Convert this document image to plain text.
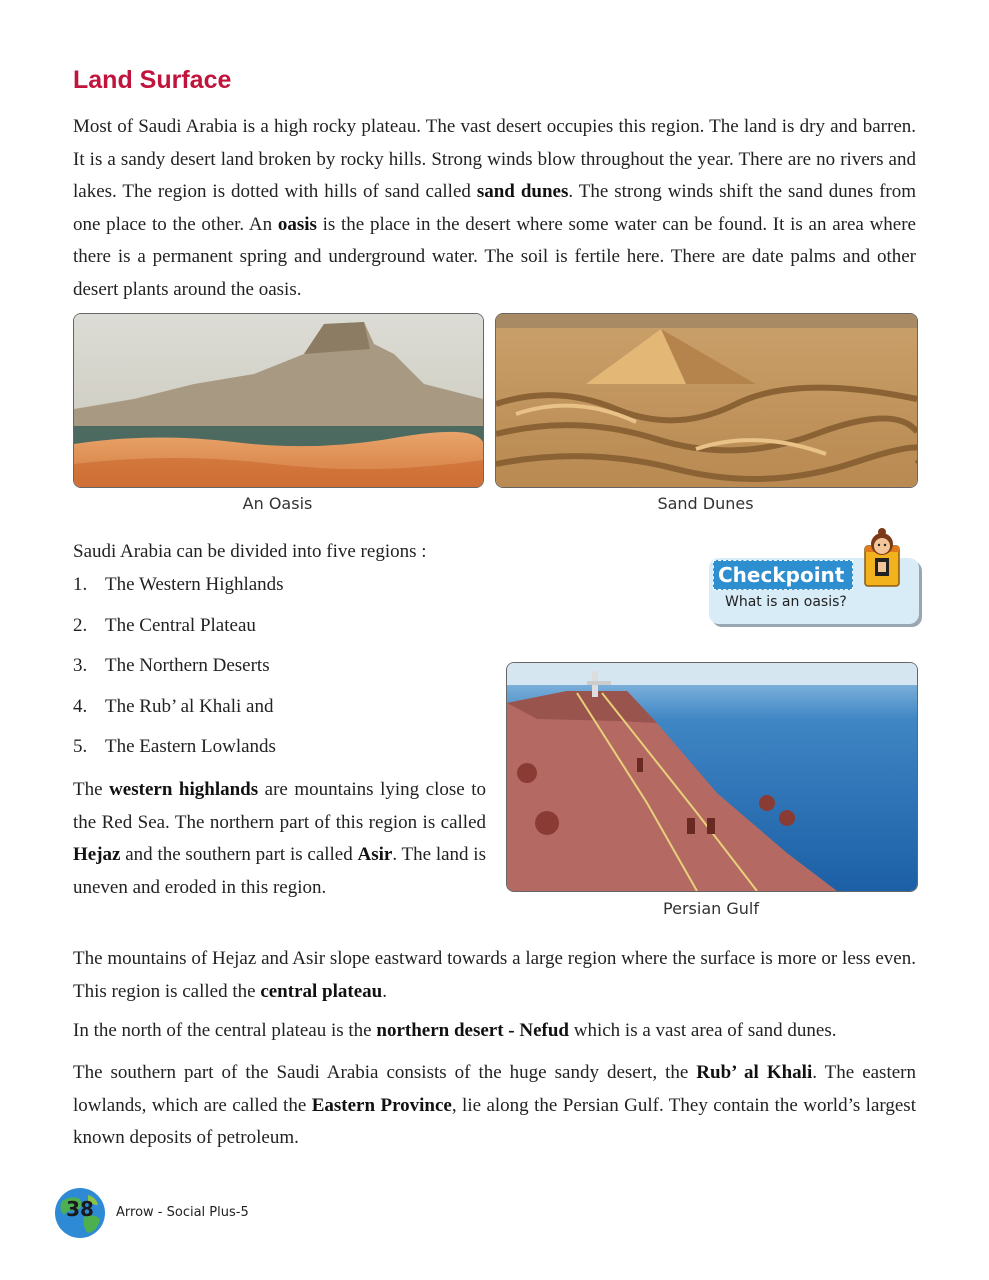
Land Surface

Most of Saudi Arabia is a high rocky plateau. The vast desert occupies this region. The land is dry and barren. It is a sandy desert land broken by rocky hills. Strong winds blow throughout the year. There are no rivers and lakes. The region is dotted with hills of sand called sand dunes. The strong winds shift the sand dunes from one place to the other. An oasis is the place in the desert where some water can be found. It is an area where there is a permanent spring and underground water. The soil is fertile here. There are date palms and other desert plants around the oasis.

An Oasis	Sand Dunes

Saudi Arabia can be divided into five regions :

1. The Western Highlands
2. The Central Plateau
3. The Northern Deserts
4. The Rub’ al Khali and
5. The Eastern Lowlands
Checkpoint
What is an oasis?
Persian Gulf

The western highlands are mountains lying close to the Red Sea. The northern part of this region is called Hejaz and the southern part is called Asir. The land is uneven and eroded in this region.

The mountains of Hejaz and Asir slope eastward towards a large region where the surface is more or less even. This region is called the central plateau.

In the north of the central plateau is the northern desert - Nefud which is a vast area of sand dunes.

The southern part of the Saudi Arabia consists of the huge sandy desert, the Rub’ al Khali. The eastern lowlands, which are called the Eastern Province, lie along the Persian Gulf. They contain the world’s largest known deposits of petroleum.

38	Arrow - Social Plus-5
